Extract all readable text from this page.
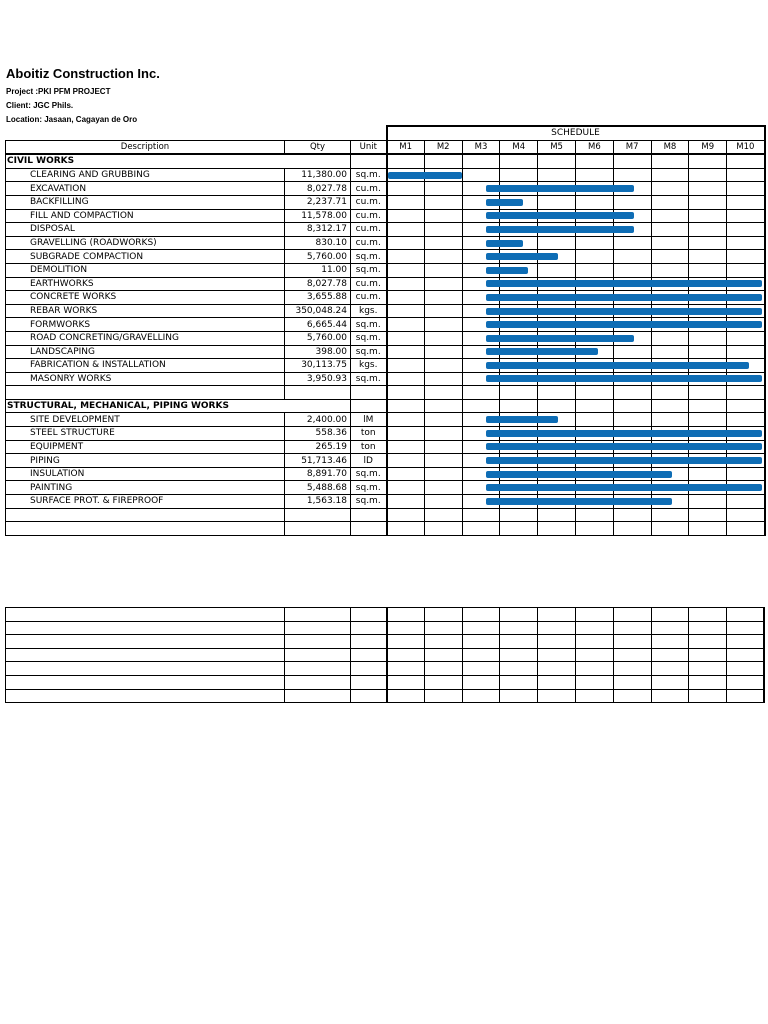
Aboitiz Construction Inc.
Project :PKI PFM PROJECT
Client: JGC Phils.
Location: Jasaan, Cagayan de Oro
			SCHEDULE									
Description	Qty	Unit	M1	M2	M3	M4	M5	M6	M7	M8	M9	M10
CIVIL WORKS												
CLEARING AND GRUBBING	11,380.00	sq.m.										
EXCAVATION	8,027.78	cu.m.										
BACKFILLING	2,237.71	cu.m.										
FILL AND COMPACTION	11,578.00	cu.m.										
DISPOSAL	8,312.17	cu.m.										
GRAVELLING (ROADWORKS)	830.10	cu.m.										
SUBGRADE COMPACTION	5,760.00	sq.m.										
DEMOLITION	11.00	sq.m.										
EARTHWORKS	8,027.78	cu.m.										
CONCRETE WORKS	3,655.88	cu.m.										
REBAR WORKS	350,048.24	kgs.										
FORMWORKS	6,665.44	sq.m.										
ROAD CONCRETING/GRAVELLING	5,760.00	sq.m.										
LANDSCAPING	398.00	sq.m.										
FABRICATION & INSTALLATION	30,113.75	kgs.										
MASONRY WORKS	3,950.93	sq.m.										

STRUCTURAL, MECHANICAL, PIPING WORKS												
SITE DEVELOPMENT	2,400.00	lM										
STEEL STRUCTURE	558.36	ton										
EQUIPMENT	265.19	ton										
PIPING	51,713.46	lD										
INSULATION	8,891.70	sq.m.										
PAINTING	5,488.68	sq.m.										
SURFACE PROT. & FIREPROOF	1,563.18	sq.m.										
